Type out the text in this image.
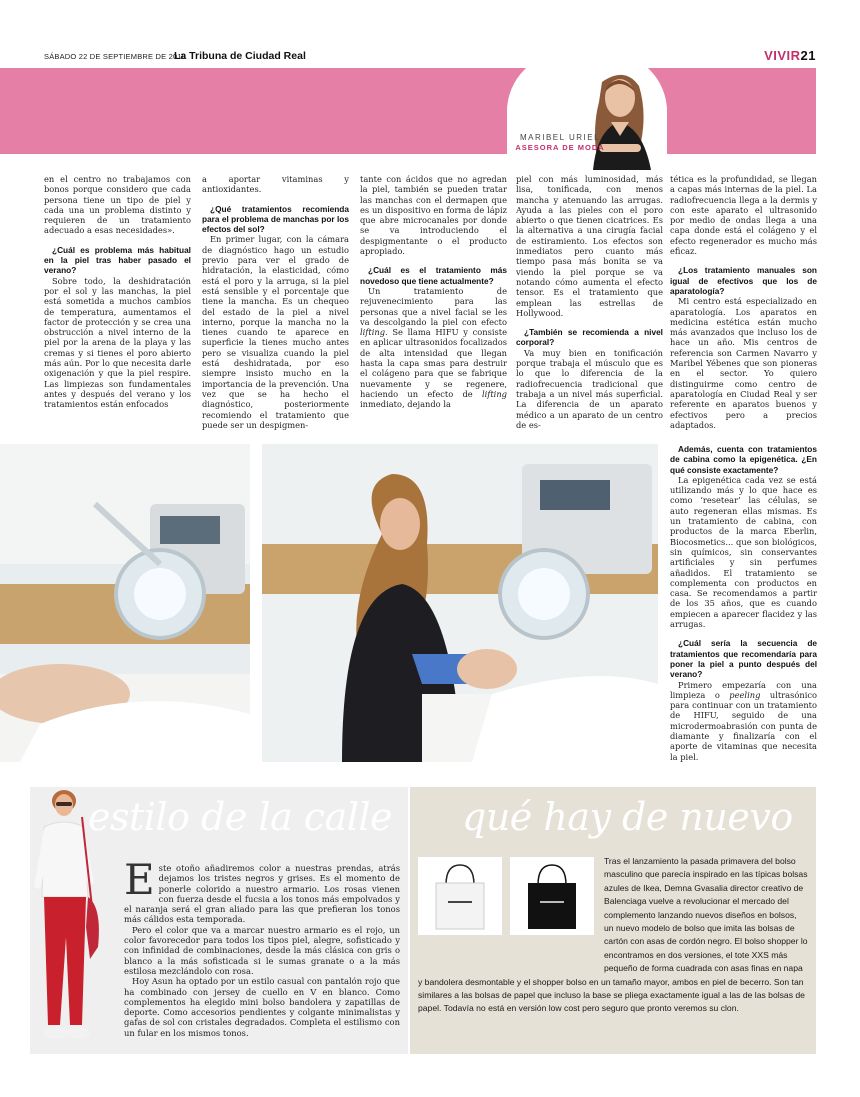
SÁBADO 22 DE SEPTIEMBRE DE 2018
La Tribuna de Ciudad Real	VIVIR21
MARIBEL URIEL
ASESORA DE MODA

en el centro no trabajamos con bonos porque considero que cada persona tiene un tipo de piel y cada una un problema distinto y requieren de un tratamiento adecuado a esas necesidades».

¿Cuál es problema más habitual en la piel tras haber pasado el verano?

Sobre todo, la deshidratación por el sol y las manchas, la piel está sometida a muchos cambios de temperatura, aumentamos el factor de protección y se crea una obstrucción a nivel interno de la piel por la arena de la playa y las cremas y si tienes el poro abierto más aún. Por lo que necesita darle oxigenación y que la piel respire. Las limpiezas son fundamentales antes y después del verano y los tratamientos están enfocados

a aportar vitaminas y antioxidantes.

¿Qué tratamientos recomienda para el problema de manchas por los efectos del sol?

En primer lugar, con la cámara de diagnóstico hago un estudio previo para ver el grado de hidratación, la elasticidad, cómo está el poro y la arruga, si la piel está sensible y el porcentaje que tiene la mancha. Es un chequeo del estado de la piel a nivel interno, porque la mancha no la tienes cuando te aparece en superficie la tienes mucho antes pero se visualiza cuando la piel está deshidratada, por eso siempre insisto mucho en la importancia de la prevención. Una vez que se ha hecho el diagnóstico, posteriormente recomiendo el tratamiento que puede ser un despigmen-

tante con ácidos que no agredan la piel, también se pueden tratar las manchas con el dermapen que es un dispositivo en forma de lápiz que abre microcanales por donde se va introduciendo el despigmentante o el producto apropiado.

¿Cuál es el tratamiento más novedoso que tiene actualmente?

Un tratamiento de rejuvenecimiento para las personas que a nivel facial se les va descolgando la piel con efecto lifting. Se llama HIFU y consiste en aplicar ultrasonidos focalizados de alta intensidad que llegan hasta la capa smas para destruir el colágeno para que se fabrique nuevamente y se regenere, haciendo un efecto de lifting inmediato, dejando la

piel con más luminosidad, más lisa, tonificada, con menos mancha y atenuando las arrugas. Ayuda a las pieles con el poro abierto o que tienen cicatrices. Es la alternativa a una cirugía facial de estiramiento. Los efectos son inmediatos pero cuanto más tiempo pasa más bonita se va viendo la piel porque se va notando cómo aumenta el efecto tensor. Es el tratamiento que emplean las estrellas de Hollywood.

¿También se recomienda a nivel corporal?

Va muy bien en tonificación porque trabaja el músculo que es lo que lo diferencia de la radiofrecuencia tradicional que trabaja a un nivel más superficial. La diferencia de un aparato médico a un aparato de un centro de es-

tética es la profundidad, se llegan a capas más internas de la piel. La radiofrecuencia llega a la dermis y con este aparato el ultrasonido por medio de ondas llega a una capa donde está el colágeno y el efecto regenerador es mucho más eficaz.

¿Los tratamiento manuales son igual de efectivos que los de aparatología?

Mi centro está especializado en aparatología. Los aparatos en medicina estética están mucho más avanzados que incluso los de hace un año. Mis centros de referencia son Carmen Navarro y Maribel Yébenes que son pioneras en el sector. Yo quiero distinguirme como centro de aparatología en Ciudad Real y ser referente en aparatos buenos y efectivos pero a precios adaptados.

Además, cuenta con tratamientos de cabina como la epigenética. ¿En qué consiste exactamente?

La epigenética cada vez se está utilizando más y lo que hace es como ‘resetear’ las células, se auto regeneran ellas mismas. Es un tratamiento de cabina, con productos de la marca Eberlin, Biocosmetics... que son biológicos, sin químicos, sin conservantes artificiales y sin perfumes añadidos. El tratamiento se complementa con productos en casa. Se recomendamos a partir de los 35 años, que es cuando empiecen a aparecer flacidez y las arrugas.

¿Cuál sería la secuencia de tratamientos que recomendaría para poner la piel a punto después del verano?

Primero empezaría con una limpieza o peeling ultrasónico para continuar con un tratamiento de HIFU, seguido de una microdermoabrasión con punta de diamante y finalizaría con el aporte de vitaminas que necesita la piel.

estilo de la calle

Este otoño añadiremos color a nuestras prendas, atrás dejamos los tristes negros y grises. Es el momento de ponerle colorido a nuestro armario. Los rosas vienen con fuerza desde el fucsia a los tonos más empolvados y el naranja será el gran aliado para las que prefieran los tonos más cálidos esta temporada.

Pero el color que va a marcar nuestro armario es el rojo, un color favorecedor para todos los tipos piel, alegre, sofisticado y con infinidad de combinaciones, desde la más clásica con gris o blanco a la más sofisticada si le sumas granate o a la más estilosa mezclándolo con rosa.

Hoy Asun ha optado por un estilo casual con pantalón rojo que ha combinado con jersey de cuello en V en blanco. Como complementos ha elegido mini bolso bandolera y zapatillas de deporte. Como accesorios pendientes y colgante minimalistas y gafas de sol con cristales degradados. Completa el estilismo con un fular en los mismos tonos.

qué hay de nuevo
Tras el lanzamiento la pasada primavera del bolso masculino que parecía inspirado en las típicas bolsas azules de Ikea, Demna Gvasalia director creativo de Balenciaga vuelve a revolucionar el mercado del complemento lanzando nuevos diseños en bolsos, un nuevo modelo de bolso que imita las bolsas de cartón con asas de cordón negro. El bolso shopper lo encontramos en dos versiones, el tote XXS más pequeño de forma cuadrada con asas finas en napa y bandolera desmontable y el shopper bolso en un tamaño mayor, ambos en piel de becerro. Son tan similares a las bolsas de papel que incluso la base se pliega exactamente igual a las de las bolsas de papel. Todavía no está en versión low cost pero seguro que pronto veremos su clon.
